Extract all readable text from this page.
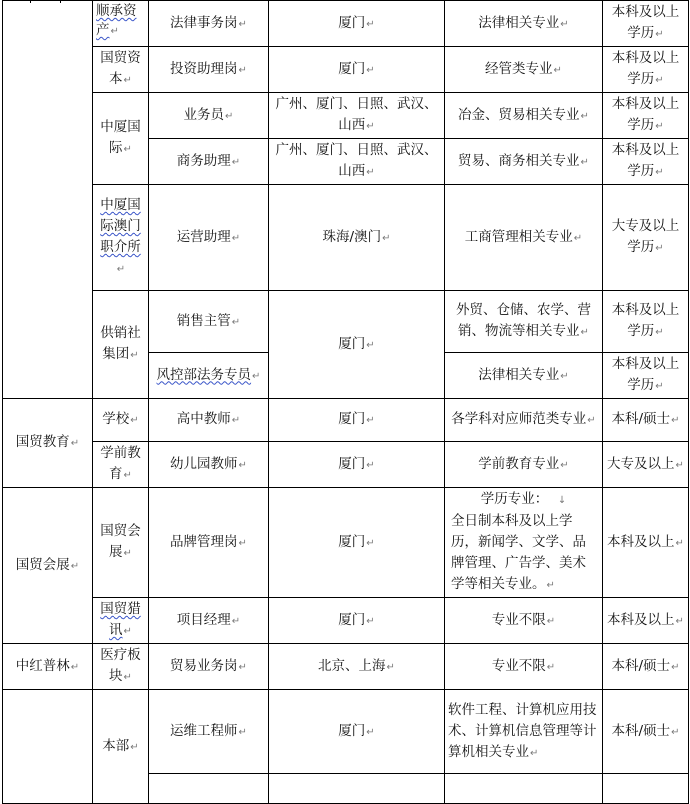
	顺承资产↵	法律事务岗↵	厦门↵	法律相关专业↵	本科及以上学历↵
	国贸资本↵	投资助理岗↵	厦门↵	经管类专业↵	本科及以上学历↵
	中厦国际↵	业务员↵	广州、厦门、日照、武汉、山西↵	冶金、贸易相关专业↵	本科及以上学历↵
		商务助理↵	广州、厦门、日照、武汉、山西↵	贸易、商务相关专业↵	本科及以上学历↵
	中厦国际澳门职介所↵	运营助理↵	珠海/澳门↵	工商管理相关专业↵	大专及以上学历↵
	供销社集团↵	销售主管↵	厦门↵	外贸、仓储、农学、营销、物流等相关专业↵	本科及以上学历↵
		风控部法务专员↵		法律相关专业↵	本科及以上学历↵
国贸教育↵	学校↵	高中教师↵	厦门↵	各学科对应师范类专业↵	本科/硕士↵
	学前教育↵	幼儿园教师↵	厦门↵	学前教育专业↵	大专及以上↵
国贸会展↵	国贸会展↵	品牌管理岗↵	厦门↵	学历专业： ↓
全日制本科及以上学历，新闻学、文学、品牌管理、广告学、美术学等相关专业。↵	本科及以上↵
	国贸猎讯↵	项目经理↵	厦门↵	专业不限↵	本科及以上↵
中红普林↵	医疗板块↵	贸易业务岗↵	北京、上海↵	专业不限↵	本科/硕士↵
	本部↵	运维工程师↵	厦门↵	软件工程、计算机应用技术、计算机信息管理等计算机相关专业↵	本科/硕士↵
